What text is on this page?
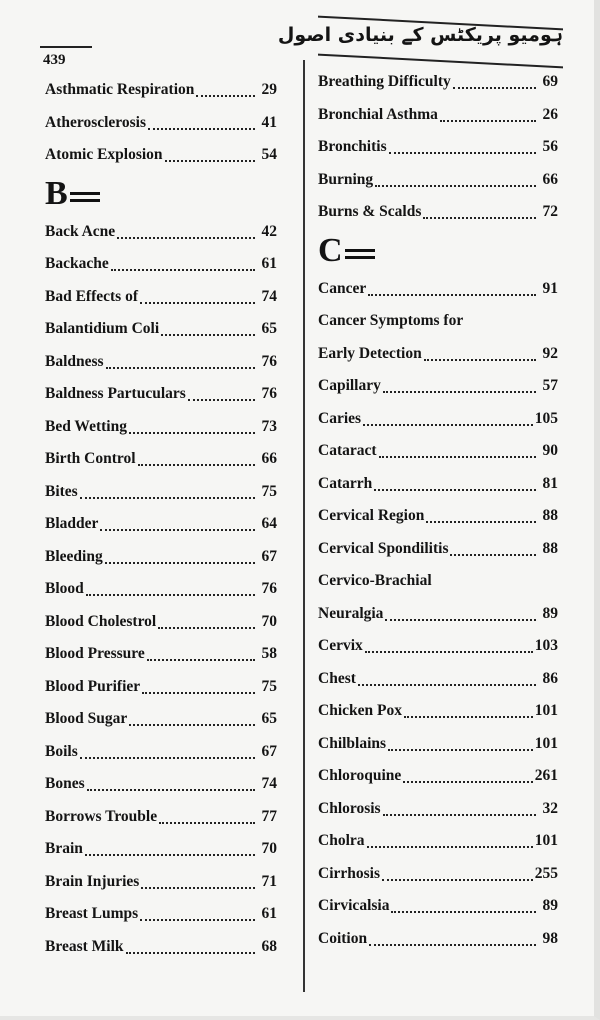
ہومیو پریکٹس کے بنیادی اصول
439
Asthmatic Respiration	29
Atherosclerosis	41
Atomic Explosion	54
B
Back Acne	42
Backache	61
Bad Effects of	74
Balantidium Coli	65
Baldness	76
Baldness Partuculars	76
Bed Wetting	73
Birth Control	66
Bites	75
Bladder	64
Bleeding	67
Blood	76
Blood Cholestrol	70
Blood Pressure	58
Blood Purifier	75
Blood Sugar	65
Boils	67
Bones	74
Borrows Trouble	77
Brain	70
Brain Injuries	71
Breast Lumps	61
Breast Milk	68
Breathing Difficulty	69
Bronchial Asthma	26
Bronchitis	56
Burning	66
Burns & Scalds	72
C
Cancer	91
Cancer Symptoms for
Early Detection	92
Capillary	57
Caries	105
Cataract	90
Catarrh	81
Cervical Region	88
Cervical Spondilitis	88
Cervico-Brachial
Neuralgia	89
Cervix	103
Chest	86
Chicken Pox	101
Chilblains	101
Chloroquine	261
Chlorosis	32
Cholra	101
Cirrhosis	255
Cirvicalsia	89
Coition	98
